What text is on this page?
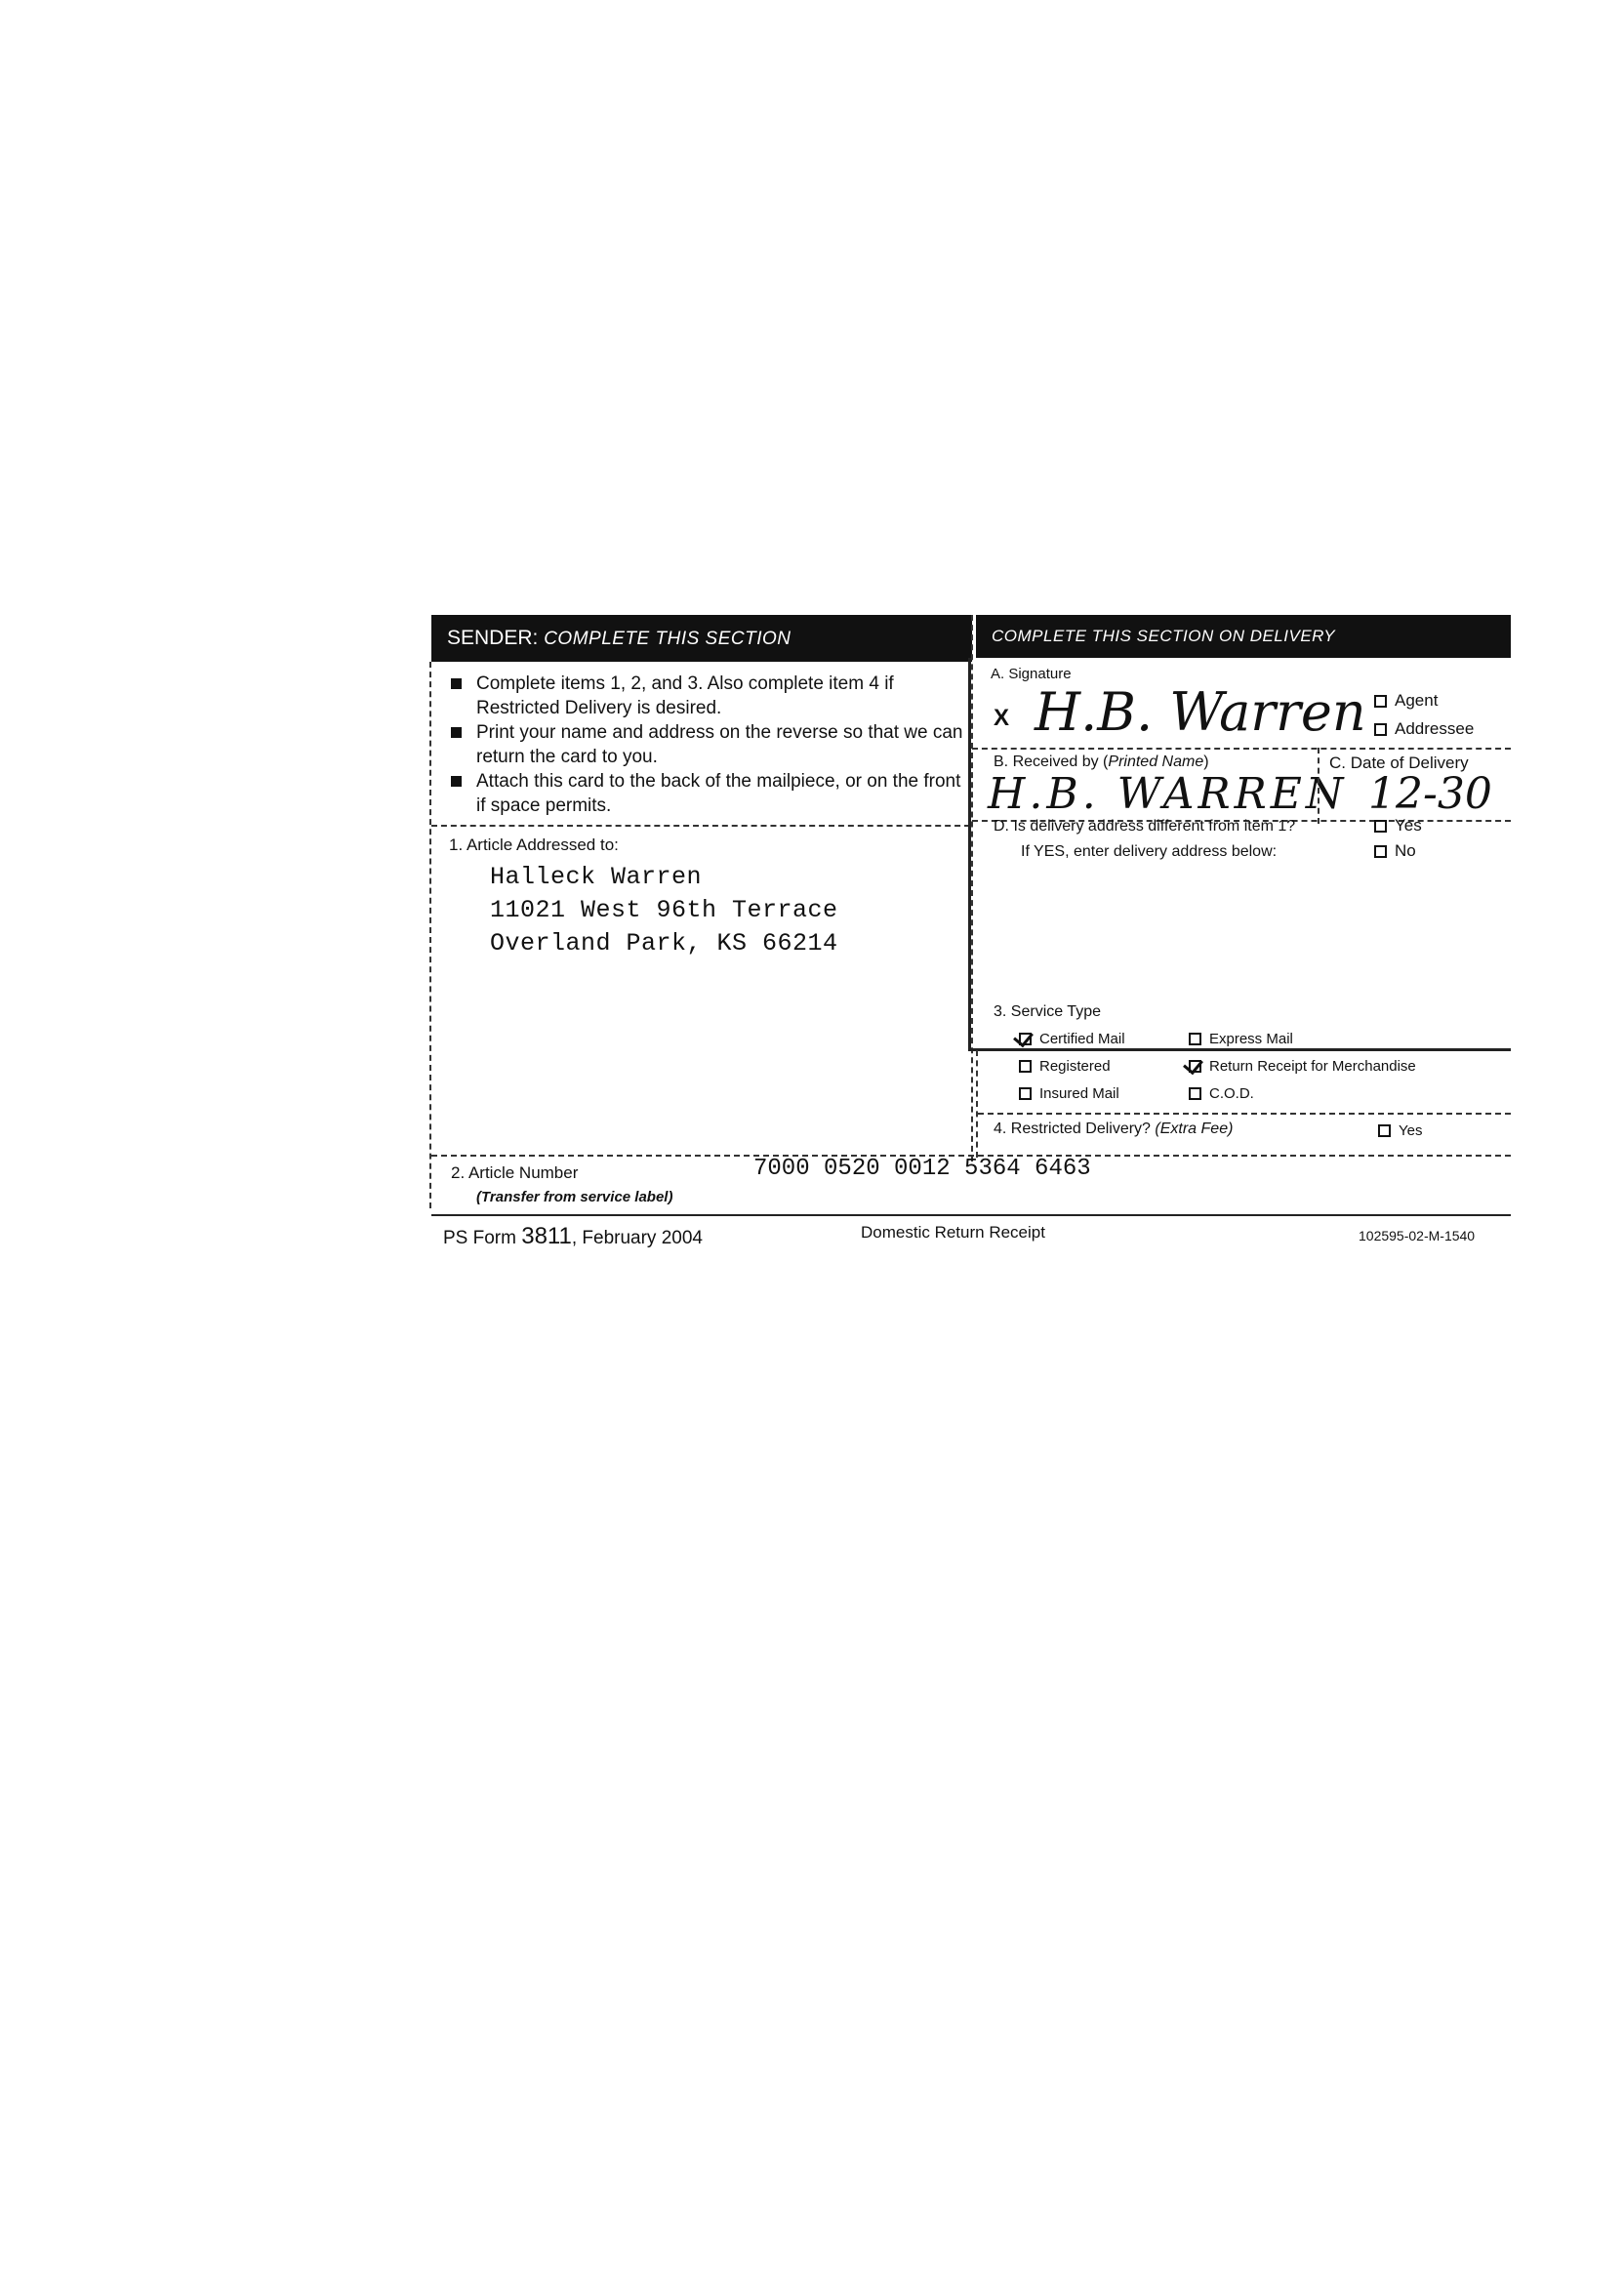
SENDER: COMPLETE THIS SECTION	COMPLETE THIS SECTION ON DELIVERY
Complete items 1, 2, and 3. Also complete item 4 if Restricted Delivery is desired.
Print your name and address on the reverse so that we can return the card to you.
Attach this card to the back of the mailpiece, or on the front if space permits.
1. Article Addressed to:
Halleck Warren
11021 West 96th Terrace
Overland Park, KS 66214
A. Signature
X H.B. Warren	Agent
Addressee
B. Received by (Printed Name)
H.B. WARREN
C. Date of Delivery
12-30
D. Is delivery address different from item 1?	Yes
If YES, enter delivery address below:	No
3. Service Type
Certified Mail	Express Mail
Registered	Return Receipt for Merchandise
Insured Mail	C.O.D.
4. Restricted Delivery? (Extra Fee)	Yes
2. Article Number
(Transfer from service label)
7000 0520 0012 5364 6463
PS Form 3811, February 2004	Domestic Return Receipt	102595-02-M-1540
